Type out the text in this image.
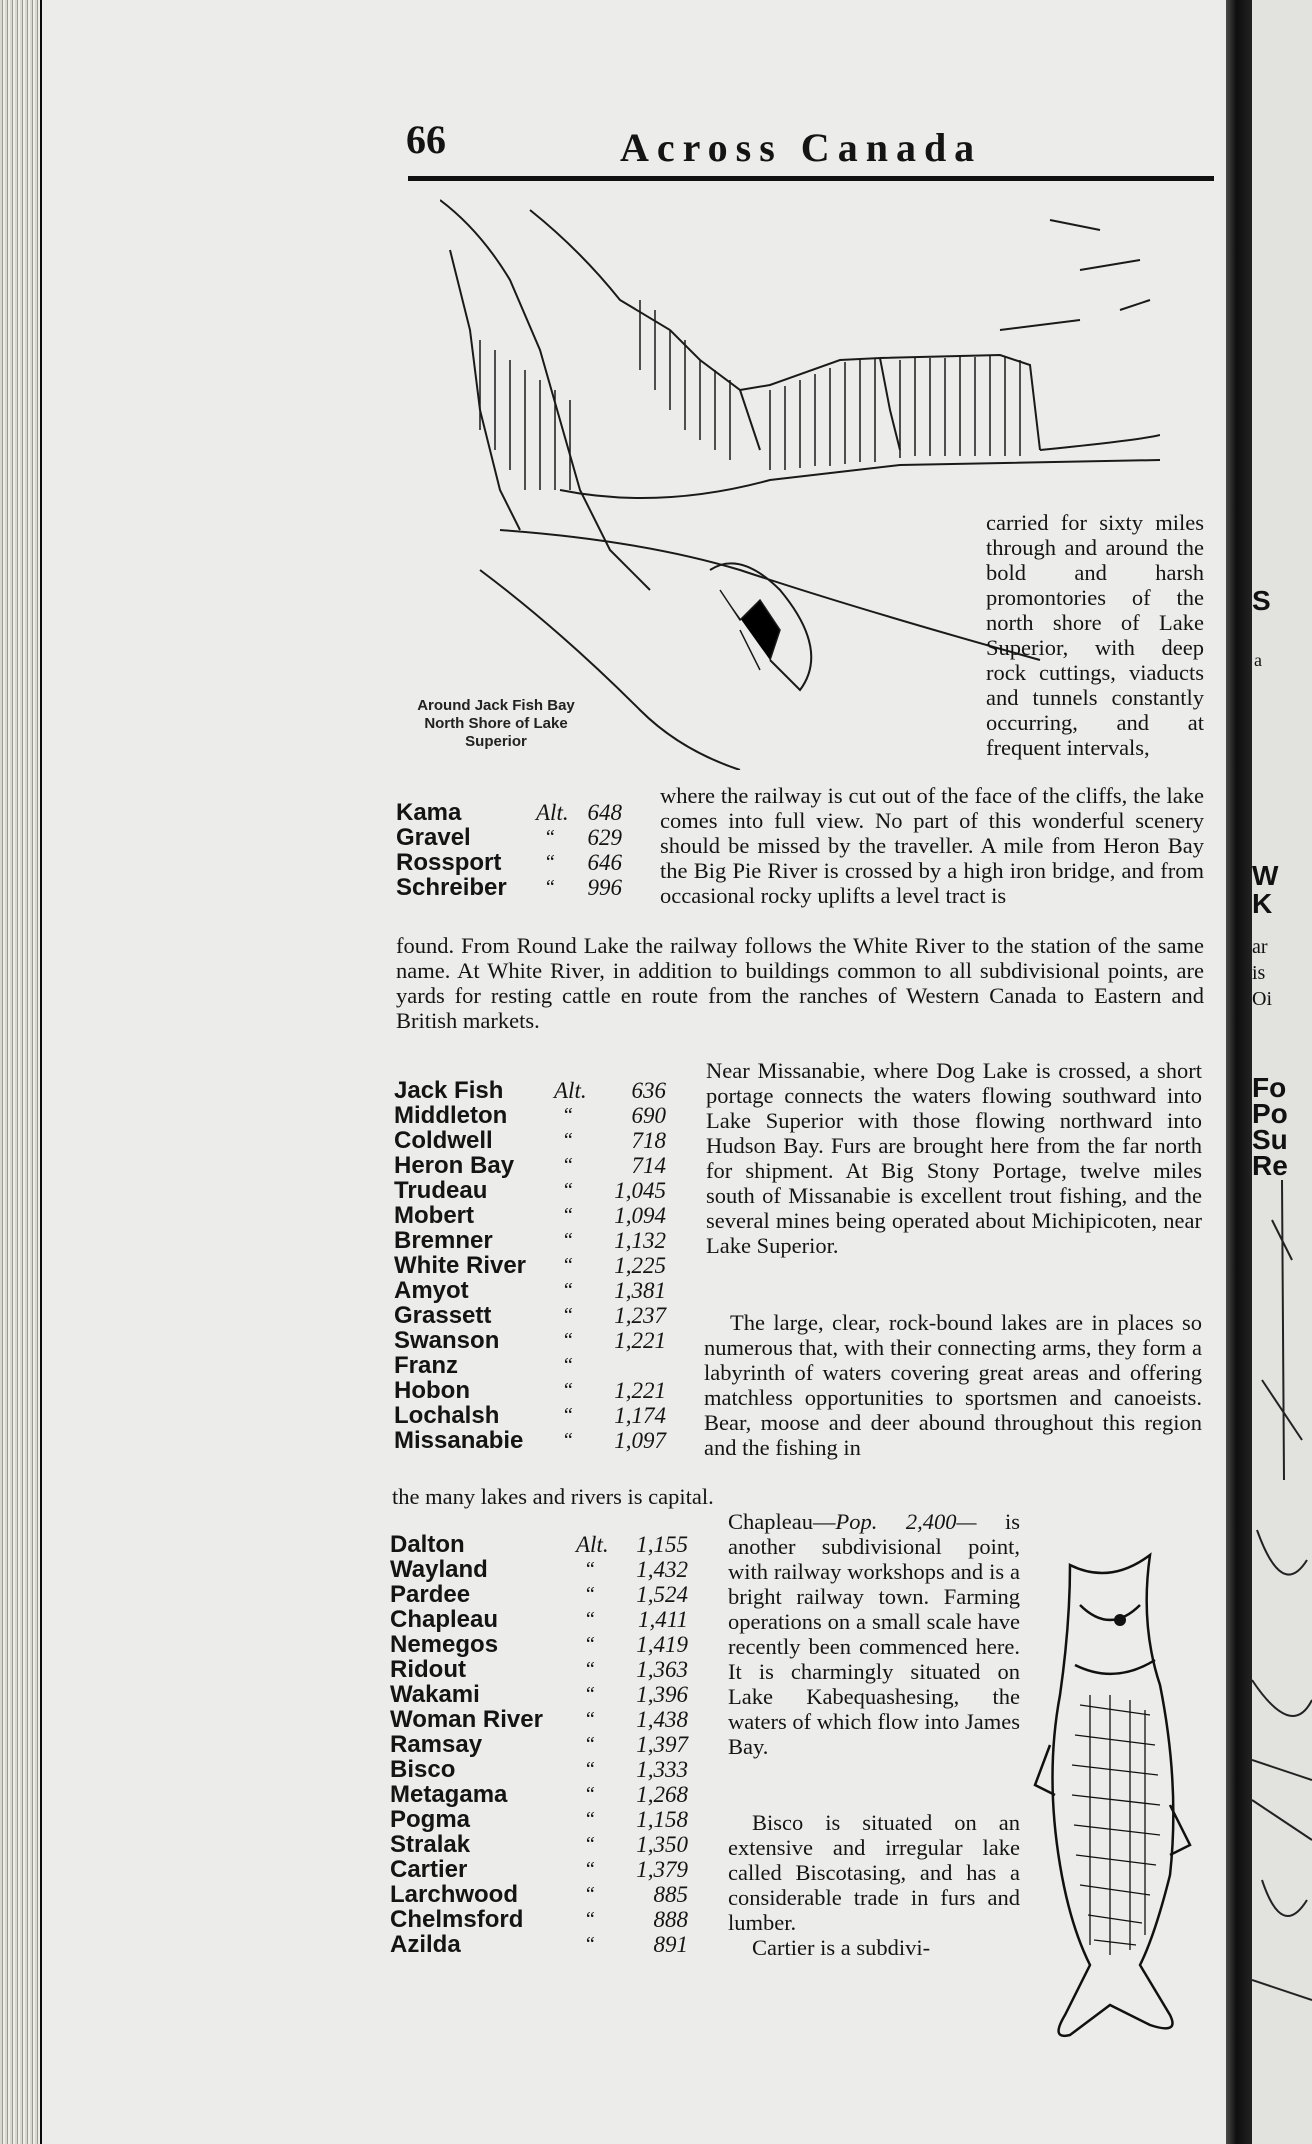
S
a
W
K
ar
is
Oi
Fo
Po
Su
Re
66	Across Canada
Around Jack Fish Bay
North Shore of Lake
Superior

carried for sixty miles through and around the bold and harsh promontories of the north shore of Lake Superior, with deep rock cuttings, viaducts and tunnels constantly occurring, and at frequent intervals,

Kama	Alt. 648
Gravel	“ 629
Rossport “ 646
Schreiber “ 996

where the railway is cut out of the face of the cliffs, the lake comes into full view. No part of this wonderful scenery should be missed by the traveller. A mile from Heron Bay the Big Pie River is crossed by a high iron bridge, and from occasional rocky uplifts a level tract is

found. From Round Lake the railway follows the White River to the station of the same name. At White River, in addition to buildings common to all subdivisional points, are yards for resting cattle en route from the ranches of Western Canada to Eastern and British markets.

Jack Fish Alt.	636
Middleton	“	690
Coldwell	“	718
Heron Bay “	714
Trudeau	“	1,045
Mobert	“	1,094
Bremner	“	1,132
White River “	1,225
Amyot	“	1,381
Grassett	“	1,237
Swanson	“	1,221
Franz	“
Hobon	“	1,221
Lochalsh	“	1,174
Missanabie “	1,097

Near Missanabie, where Dog Lake is crossed, a short portage connects the waters flowing southward into Lake Superior with those flowing northward into Hudson Bay. Furs are brought here from the far north for shipment. At Big Stony Portage, twelve miles south of Missanabie is excellent trout fishing, and the several mines being operated about Michipicoten, near Lake Superior.

The large, clear, rock-bound lakes are in places so numerous that, with their connecting arms, they form a labyrinth of waters covering great areas and offering matchless opportunities to sportsmen and canoeists. Bear, moose and deer abound throughout this region and the fishing in

the many lakes and rivers is capital.

Dalton	Alt.	1,155
Wayland	“	1,432
Pardee	“	1,524
Chapleau	“	1,411
Nemegos	“	1,419
Ridout	“	1,363
Wakami	“	1,396
Woman River “	1,438
Ramsay	“	1,397
Bisco	“	1,333
Metagama	“	1,268
Pogma	“	1,158
Stralak	“	1,350
Cartier	“	1,379
Larchwood	“	885
Chelmsford	“	888
Azilda	“	891

Chapleau—Pop. 2,400— is another subdivisional point, with railway workshops and is a bright railway town. Farming operations on a small scale have recently been commenced here. It is charmingly situated on Lake Kabequashesing, the waters of which flow into James Bay.

Bisco is situated on an extensive and irregular lake called Biscotasing, and has a considerable trade in furs and lumber.

Cartier is a subdivi-
